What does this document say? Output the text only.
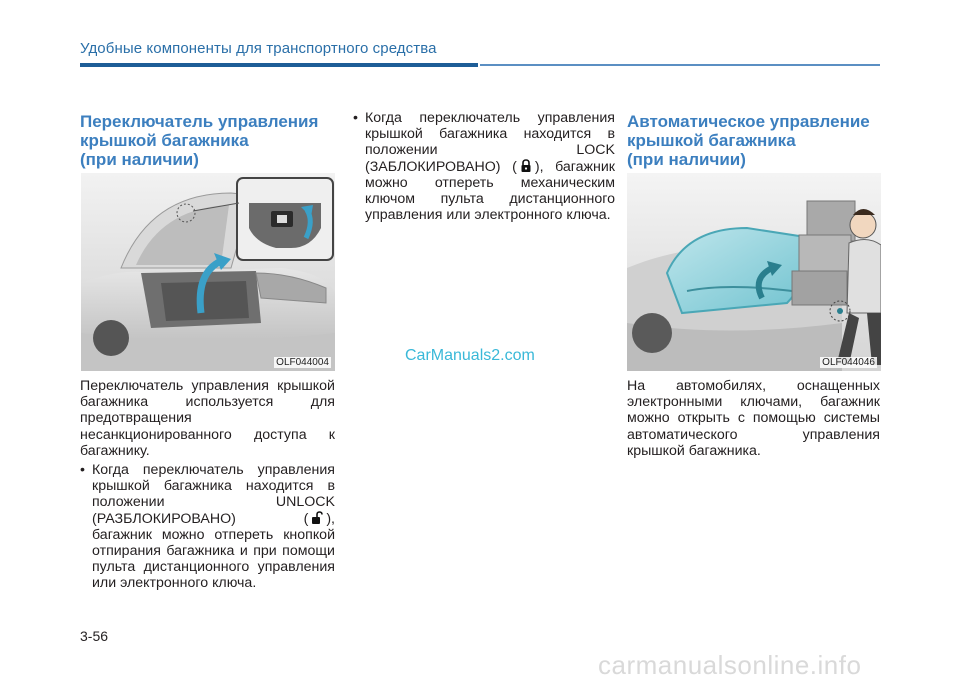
Удобные компоненты для транспортного средства
Переключатель управления
крышкой багажника
(при наличии)
OLF044004
Переключатель управления крышкой багажника используется для предотвращения несанкционированного доступа к багажнику.
• Когда переключатель управления крышкой багажника находится в положении UNLOCK (РАЗБЛОКИРОВАНО) ( ), багажник можно отпереть кнопкой отпирания багажника и при помощи пульта дистанционного управления или электронного ключа.
• Когда переключатель управления крышкой багажника находится в положении LOCK (ЗАБЛОКИРОВАНО) ( ), багажник можно отпереть механическим ключом пульта дистанционного управления или электронного ключа.
CarManuals2.com
Автоматическое управление
крышкой багажника
(при наличии)
OLF044046
На автомобилях, оснащенных электронными ключами, багажник можно открыть с помощью системы автоматического управления крышкой багажника.
3-56
carmanualsonline.info
